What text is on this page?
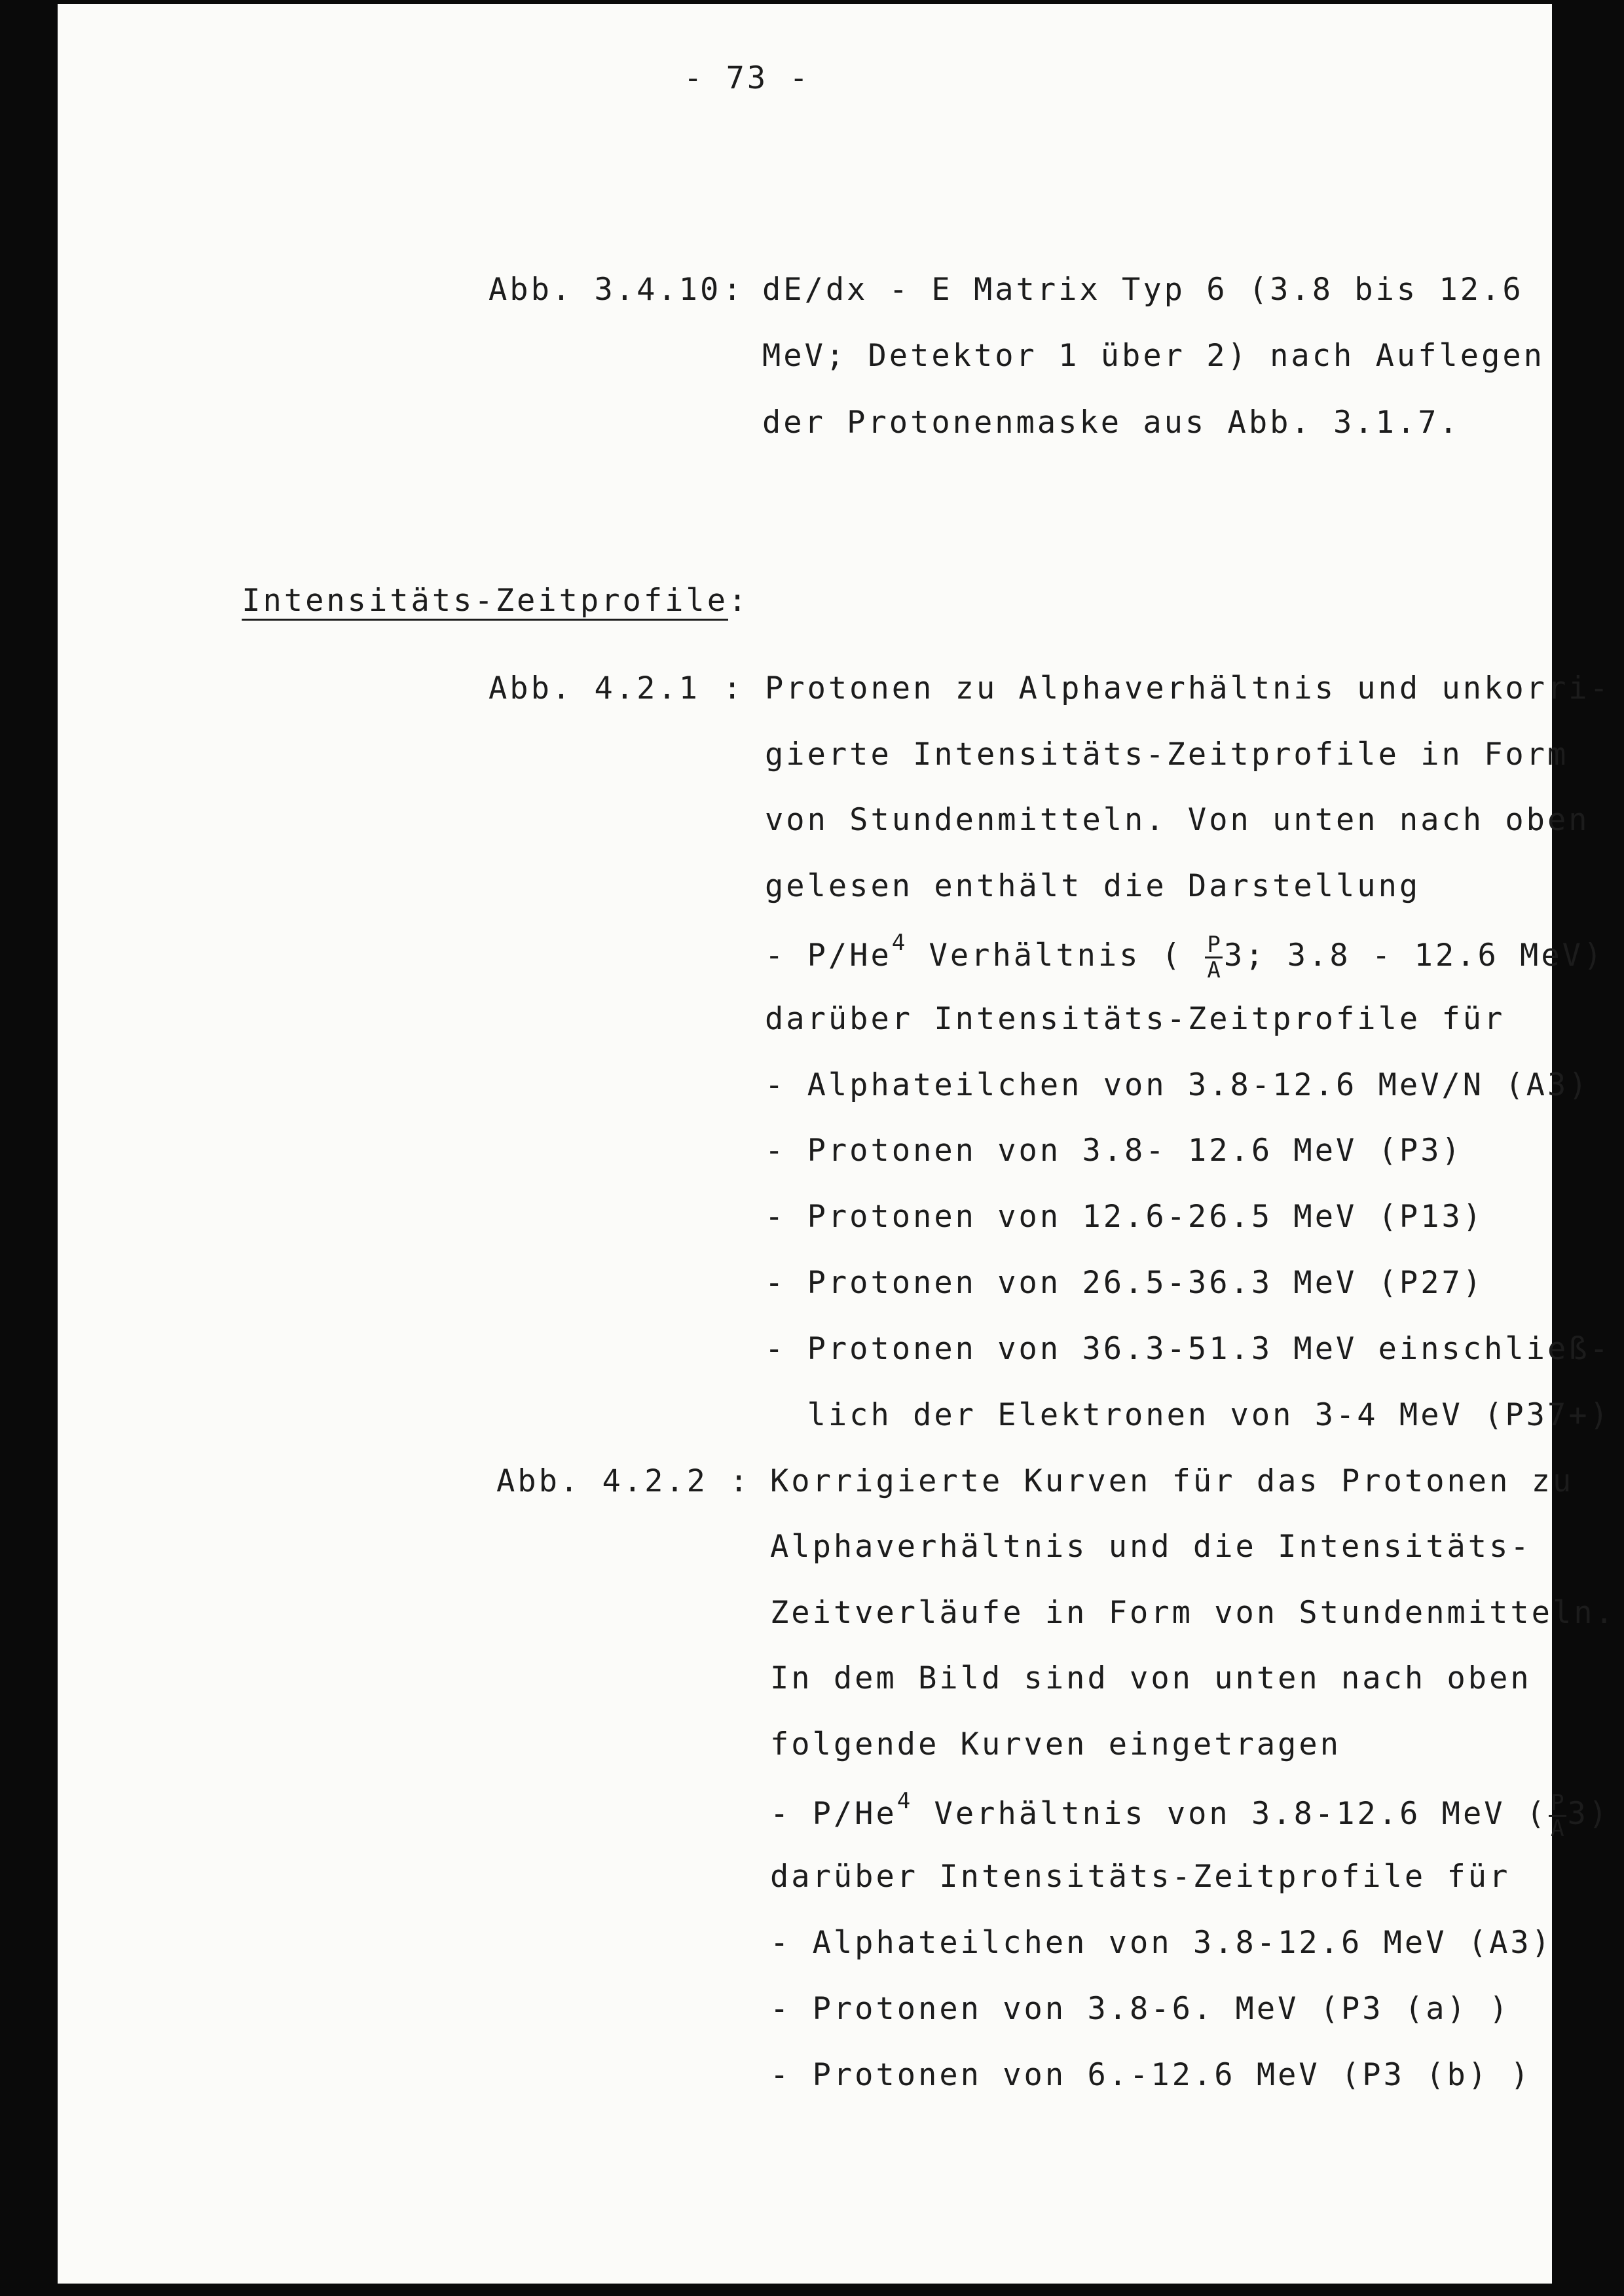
- 73 -
Abb. 3.4.10 : dE/dx - E Matrix Typ 6 (3.8 bis 12.6
MeV; Detektor 1 über 2) nach Auflegen
der Protonenmaske aus Abb. 3.1.7.

Intensitäts-Zeitprofile:

Abb. 4.2.1 : Protonen zu Alphaverhältnis und unkorri-
gierte Intensitäts-Zeitprofile in Form
von Stundenmitteln. Von unten nach oben
gelesen enthält die Darstellung
- P/He$^4$ Verhältnis ( $\frac{P}{A} 3$; 3.8 - 12.6 MeV)
darüber Intensitäts-Zeitprofile für
- Alphateilchen von 3.8-12.6 MeV/N (A3)
- Protonen von 3.8- 12.6 MeV (P3)
- Protonen von 12.6-26.5 MeV (P13)
- Protonen von 26.5-36.3 MeV (P27)
- Protonen von 36.3-51.3 MeV einschließ-
lich der Elektronen von 3-4 MeV (P37+)
Abb. 4.2.2 : Korrigierte Kurven für das Protonen zu
Alphaverhältnis und die Intensitäts-
Zeitverläufe in Form von Stundenmitteln.
In dem Bild sind von unten nach oben
folgende Kurven eingetragen
- P/He$^4$ Verhältnis von 3.8-12.6 MeV ( $\frac{P}{A} 3$)
darüber Intensitäts-Zeitprofile für
- Alphateilchen von 3.8-12.6 MeV (A3)
- Protonen von 3.8-6. MeV (P3 (a) )
- Protonen von 6.-12.6 MeV (P3 (b) )
